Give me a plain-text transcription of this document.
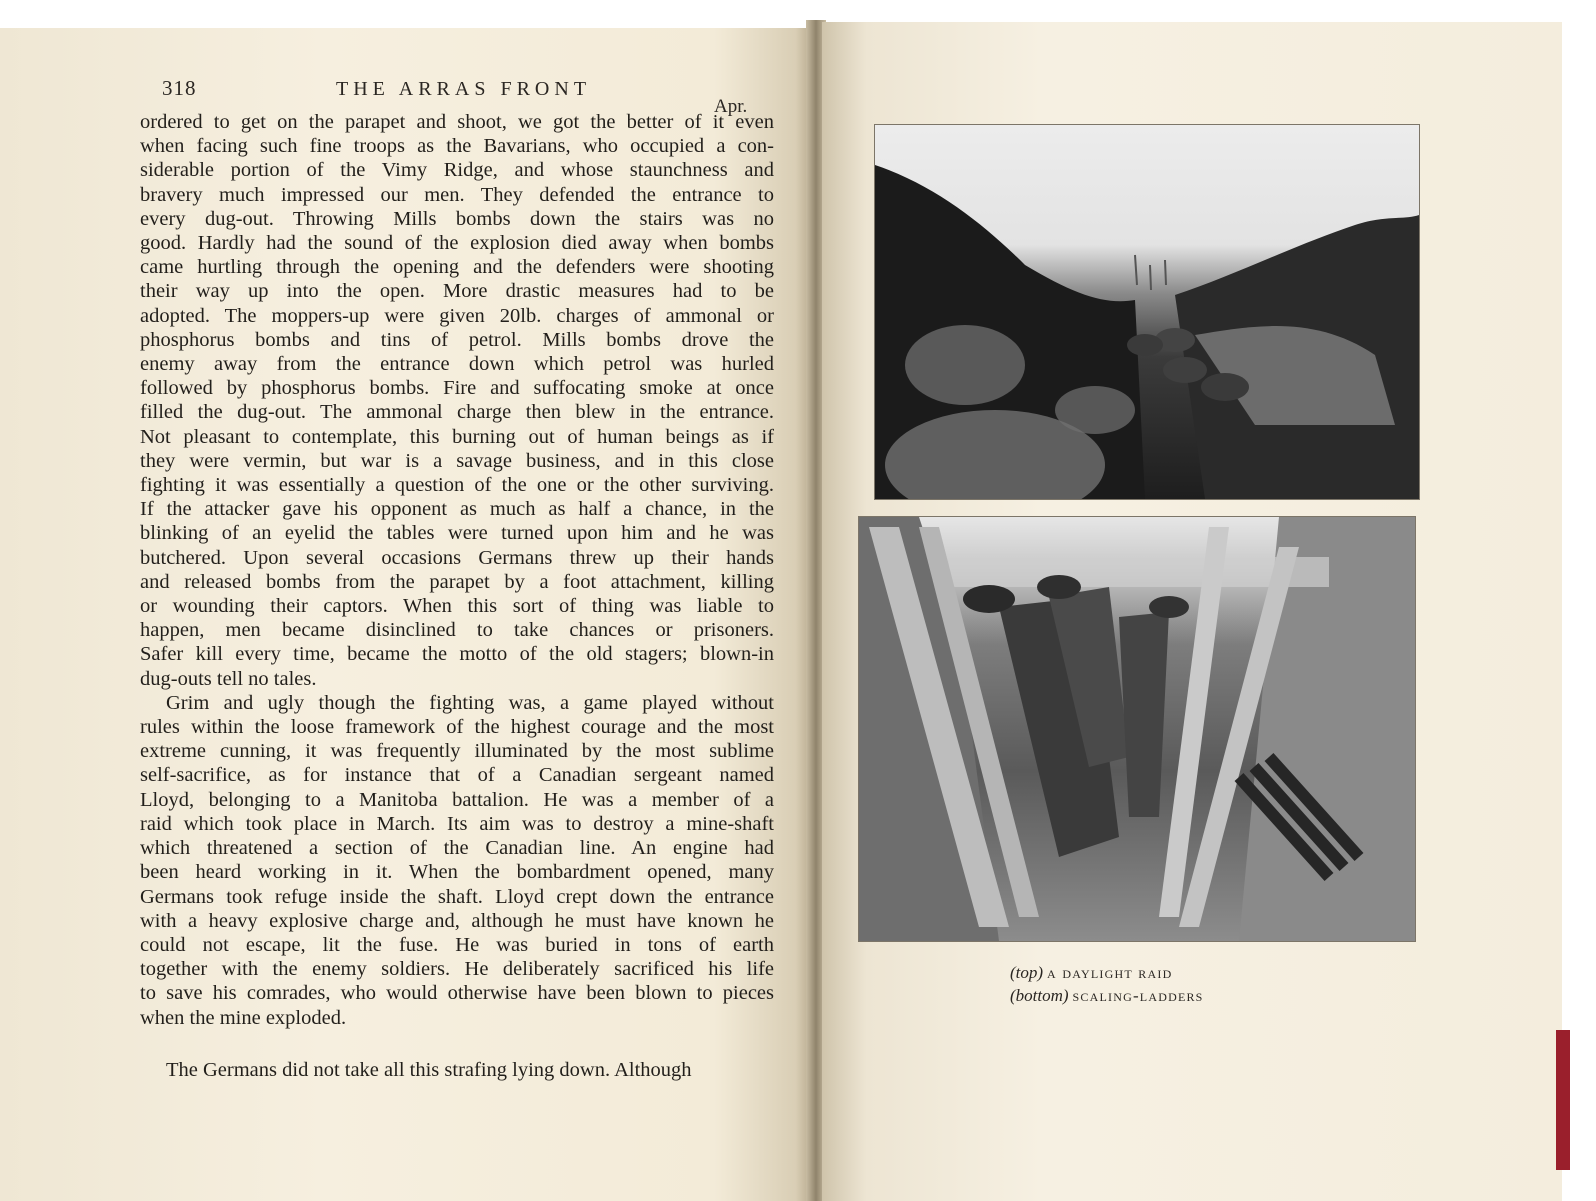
318	THE ARRAS FRONT
Apr.
ordered to get on the parapet and shoot, we got the better of it even
when facing such fine troops as the Bavarians, who occupied a con-
siderable portion of the Vimy Ridge, and whose staunchness and
bravery much impressed our men. They defended the entrance to
every dug-out. Throwing Mills bombs down the stairs was no
good. Hardly had the sound of the explosion died away when bombs
came hurtling through the opening and the defenders were shooting
their way up into the open. More drastic measures had to be
adopted. The moppers-up were given 20lb. charges of ammonal or
phosphorus bombs and tins of petrol. Mills bombs drove the
enemy away from the entrance down which petrol was hurled
followed by phosphorus bombs. Fire and suffocating smoke at once
filled the dug-out. The ammonal charge then blew in the entrance.
Not pleasant to contemplate, this burning out of human beings as if
they were vermin, but war is a savage business, and in this close
fighting it was essentially a question of the one or the other surviving.
If the attacker gave his opponent as much as half a chance, in the
blinking of an eyelid the tables were turned upon him and he was
butchered. Upon several occasions Germans threw up their hands
and released bombs from the parapet by a foot attachment, killing
or wounding their captors. When this sort of thing was liable to
happen, men became disinclined to take chances or prisoners.
Safer kill every time, became the motto of the old stagers; blown-in
dug-outs tell no tales.
Grim and ugly though the fighting was, a game played without
rules within the loose framework of the highest courage and the most
extreme cunning, it was frequently illuminated by the most sublime
self-sacrifice, as for instance that of a Canadian sergeant named
Lloyd, belonging to a Manitoba battalion. He was a member of a
raid which took place in March. Its aim was to destroy a mine-shaft
which threatened a section of the Canadian line. An engine had
been heard working in it. When the bombardment opened, many
Germans took refuge inside the shaft. Lloyd crept down the entrance
with a heavy explosive charge and, although he must have known he
could not escape, lit the fuse. He was buried in tons of earth
together with the enemy soldiers. He deliberately sacrificed his life
to save his comrades, who would otherwise have been blown to pieces
when the mine exploded.
The Germans did not take all this strafing lying down. Although
(top) a daylight raid
(bottom) scaling-ladders
